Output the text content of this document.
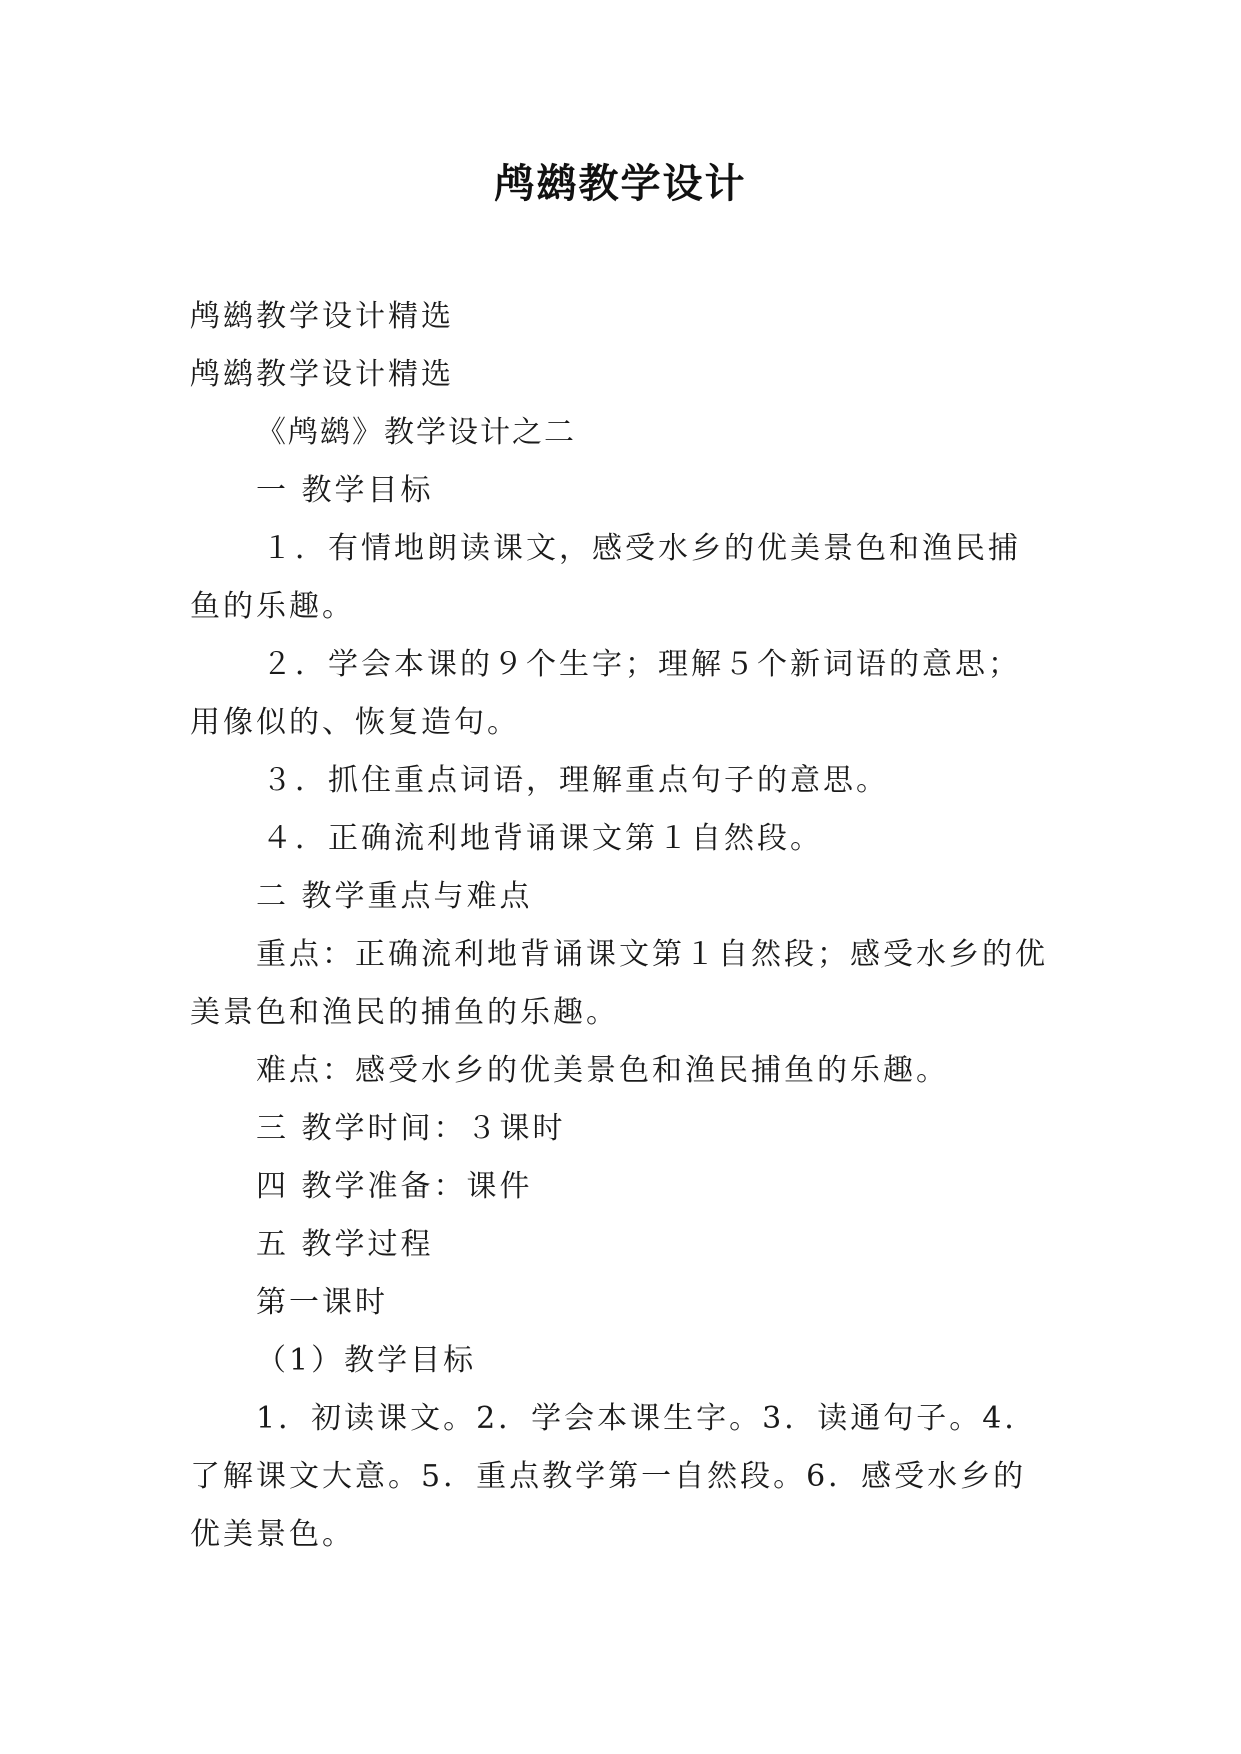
鸬鹚教学设计

鸬鹚教学设计精选

鸬鹚教学设计精选

《鸬鹚》教学设计之二

一 教学目标

１．有情地朗读课文，感受水乡的优美景色和渔民捕鱼的乐趣。

２．学会本课的９个生字；理解５个新词语的意思；用像似的、恢复造句。

３．抓住重点词语，理解重点句子的意思。

４．正确流利地背诵课文第１自然段。

二 教学重点与难点

重点：正确流利地背诵课文第１自然段；感受水乡的优美景色和渔民的捕鱼的乐趣。

难点：感受水乡的优美景色和渔民捕鱼的乐趣。

三 教学时间：３课时

四 教学准备：课件

五 教学过程

第一课时

（1）教学目标

1．初读课文。2．学会本课生字。3．读通句子。4．了解课文大意。5．重点教学第一自然段。6．感受水乡的优美景色。
